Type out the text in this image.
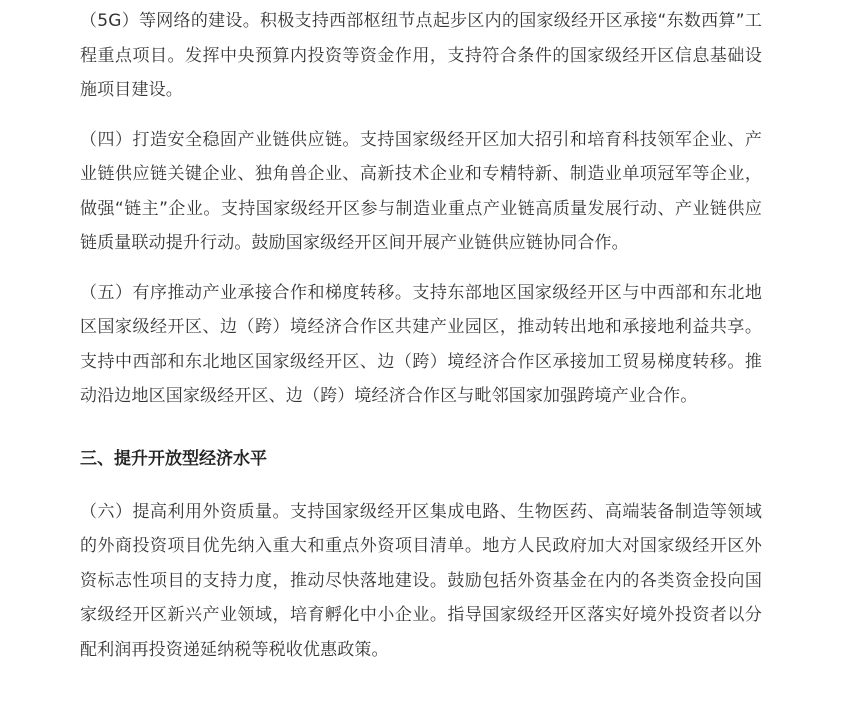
（5G）等网络的建设。积极支持西部枢纽节点起步区内的国家级经开区承接“东数西算”工程重点项目。发挥中央预算内投资等资金作用，支持符合条件的国家级经开区信息基础设施项目建设。

（四）打造安全稳固产业链供应链。支持国家级经开区加大招引和培育科技领军企业、产业链供应链关键企业、独角兽企业、高新技术企业和专精特新、制造业单项冠军等企业，做强“链主”企业。支持国家级经开区参与制造业重点产业链高质量发展行动、产业链供应链质量联动提升行动。鼓励国家级经开区间开展产业链供应链协同合作。

（五）有序推动产业承接合作和梯度转移。支持东部地区国家级经开区与中西部和东北地区国家级经开区、边（跨）境经济合作区共建产业园区，推动转出地和承接地利益共享。支持中西部和东北地区国家级经开区、边（跨）境经济合作区承接加工贸易梯度转移。推动沿边地区国家级经开区、边（跨）境经济合作区与毗邻国家加强跨境产业合作。

三、提升开放型经济水平

（六）提高利用外资质量。支持国家级经开区集成电路、生物医药、高端装备制造等领域的外商投资项目优先纳入重大和重点外资项目清单。地方人民政府加大对国家级经开区外资标志性项目的支持力度，推动尽快落地建设。鼓励包括外资基金在内的各类资金投向国家级经开区新兴产业领域，培育孵化中小企业。指导国家级经开区落实好境外投资者以分配利润再投资递延纳税等税收优惠政策。
